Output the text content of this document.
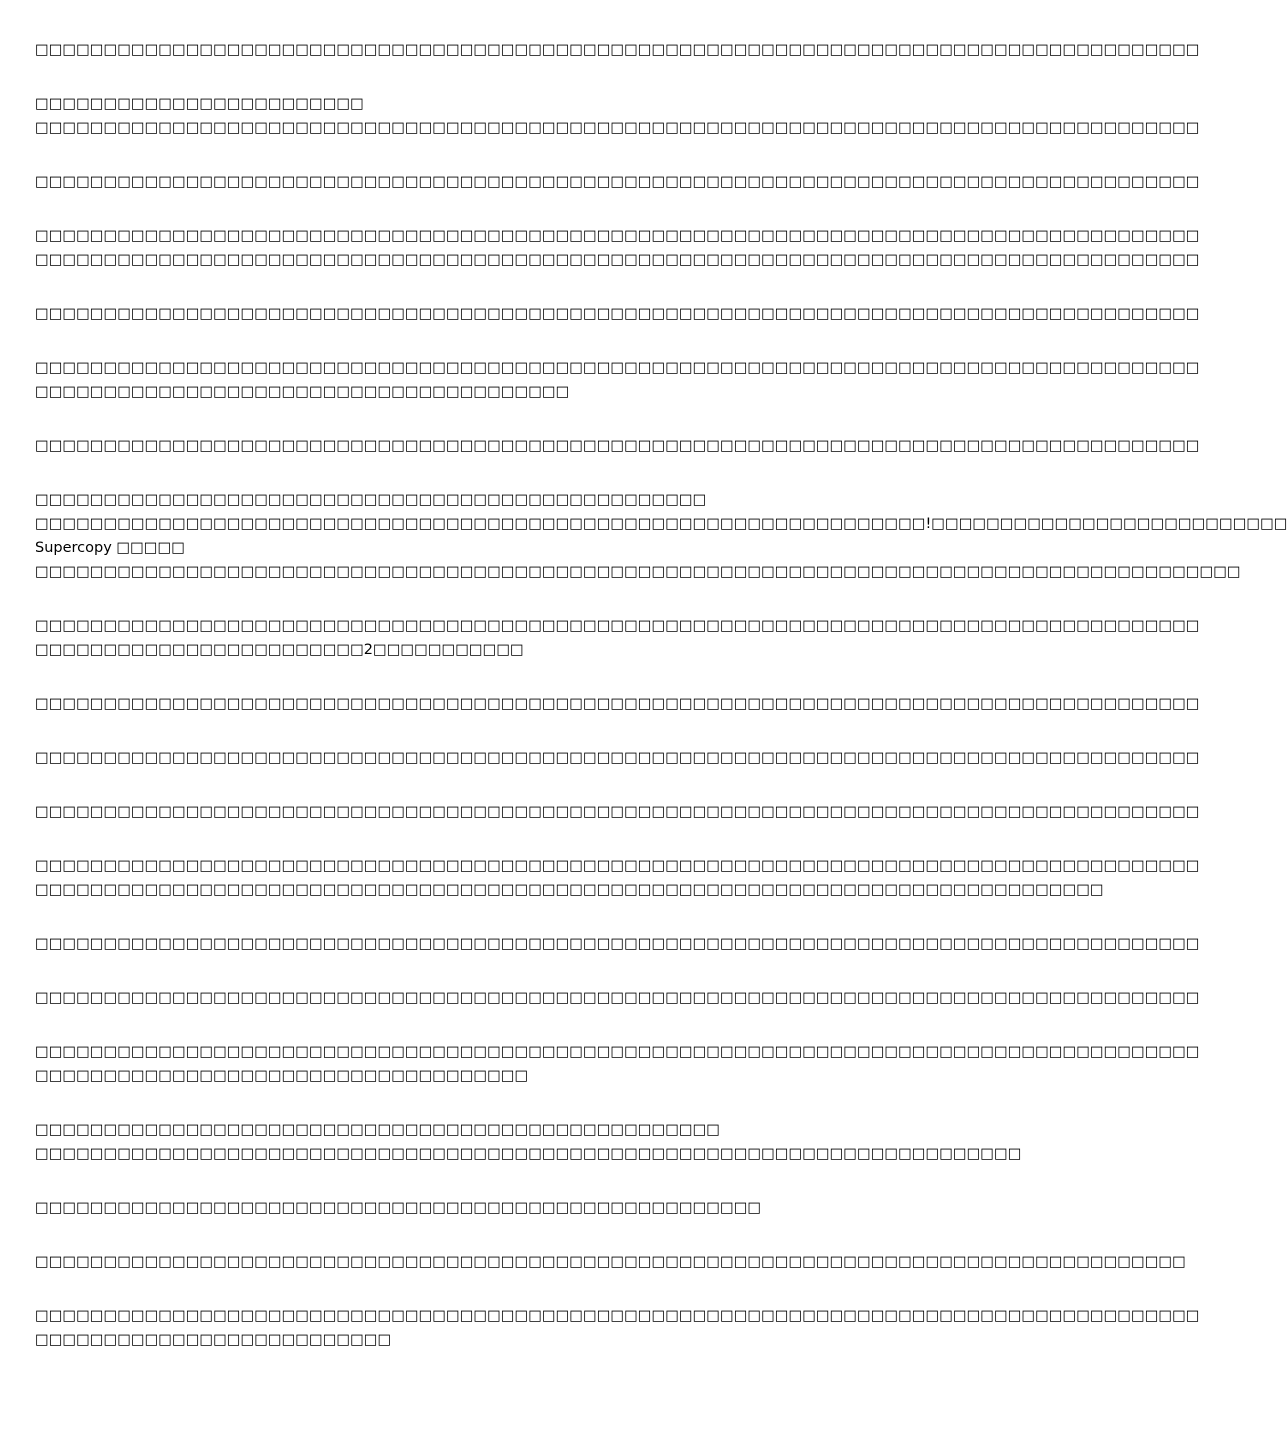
□□□□□□□□□□□□□□□□□□□□□□□□□□□□□□□□□□□□□□□□□□□□□□□□□□□□□□□□□□□□□□□□□□□□□□□□□□□□□□□□□□□□□

□□□□□□□□□□□□□□□□□□□□□□□□
□□□□□□□□□□□□□□□□□□□□□□□□□□□□□□□□□□□□□□□□□□□□□□□□□□□□□□□□□□□□□□□□□□□□□□□□□□□□□□□□□□□□□

□□□□□□□□□□□□□□□□□□□□□□□□□□□□□□□□□□□□□□□□□□□□□□□□□□□□□□□□□□□□□□□□□□□□□□□□□□□□□□□□□□□□□

□□□□□□□□□□□□□□□□□□□□□□□□□□□□□□□□□□□□□□□□□□□□□□□□□□□□□□□□□□□□□□□□□□□□□□□□□□□□□□□□□□□□□
□□□□□□□□□□□□□□□□□□□□□□□□□□□□□□□□□□□□□□□□□□□□□□□□□□□□□□□□□□□□□□□□□□□□□□□□□□□□□□□□□□□□□

□□□□□□□□□□□□□□□□□□□□□□□□□□□□□□□□□□□□□□□□□□□□□□□□□□□□□□□□□□□□□□□□□□□□□□□□□□□□□□□□□□□□□

□□□□□□□□□□□□□□□□□□□□□□□□□□□□□□□□□□□□□□□□□□□□□□□□□□□□□□□□□□□□□□□□□□□□□□□□□□□□□□□□□□□□□
□□□□□□□□□□□□□□□□□□□□□□□□□□□□□□□□□□□□□□□

□□□□□□□□□□□□□□□□□□□□□□□□□□□□□□□□□□□□□□□□□□□□□□□□□□□□□□□□□□□□□□□□□□□□□□□□□□□□□□□□□□□□□

□□□□□□□□□□□□□□□□□□□□□□□□□□□□□□□□□□□□□□□□□□□□□□□□□
□□□□□□□□□□□□□□□□□□□□□□□□□□□□□□□□□□□□□□□□□□□□□□□□□□□□□□□□□□□□□□□□□!□□□□□□□□□□□□□□□□□□□□□□□□□□
Supercopy □□□□□
□□□□□□□□□□□□□□□□□□□□□□□□□□□□□□□□□□□□□□□□□□□□□□□□□□□□□□□□□□□□□□□□□□□□□□□□□□□□□□□□□□□□□□□□

□□□□□□□□□□□□□□□□□□□□□□□□□□□□□□□□□□□□□□□□□□□□□□□□□□□□□□□□□□□□□□□□□□□□□□□□□□□□□□□□□□□□□
□□□□□□□□□□□□□□□□□□□□□□□□2□□□□□□□□□□□

□□□□□□□□□□□□□□□□□□□□□□□□□□□□□□□□□□□□□□□□□□□□□□□□□□□□□□□□□□□□□□□□□□□□□□□□□□□□□□□□□□□□□

□□□□□□□□□□□□□□□□□□□□□□□□□□□□□□□□□□□□□□□□□□□□□□□□□□□□□□□□□□□□□□□□□□□□□□□□□□□□□□□□□□□□□

□□□□□□□□□□□□□□□□□□□□□□□□□□□□□□□□□□□□□□□□□□□□□□□□□□□□□□□□□□□□□□□□□□□□□□□□□□□□□□□□□□□□□

□□□□□□□□□□□□□□□□□□□□□□□□□□□□□□□□□□□□□□□□□□□□□□□□□□□□□□□□□□□□□□□□□□□□□□□□□□□□□□□□□□□□□
□□□□□□□□□□□□□□□□□□□□□□□□□□□□□□□□□□□□□□□□□□□□□□□□□□□□□□□□□□□□□□□□□□□□□□□□□□□□□□

□□□□□□□□□□□□□□□□□□□□□□□□□□□□□□□□□□□□□□□□□□□□□□□□□□□□□□□□□□□□□□□□□□□□□□□□□□□□□□□□□□□□□

□□□□□□□□□□□□□□□□□□□□□□□□□□□□□□□□□□□□□□□□□□□□□□□□□□□□□□□□□□□□□□□□□□□□□□□□□□□□□□□□□□□□□

□□□□□□□□□□□□□□□□□□□□□□□□□□□□□□□□□□□□□□□□□□□□□□□□□□□□□□□□□□□□□□□□□□□□□□□□□□□□□□□□□□□□□
□□□□□□□□□□□□□□□□□□□□□□□□□□□□□□□□□□□□

□□□□□□□□□□□□□□□□□□□□□□□□□□□□□□□□□□□□□□□□□□□□□□□□□□
□□□□□□□□□□□□□□□□□□□□□□□□□□□□□□□□□□□□□□□□□□□□□□□□□□□□□□□□□□□□□□□□□□□□□□□□

□□□□□□□□□□□□□□□□□□□□□□□□□□□□□□□□□□□□□□□□□□□□□□□□□□□□□

□□□□□□□□□□□□□□□□□□□□□□□□□□□□□□□□□□□□□□□□□□□□□□□□□□□□□□□□□□□□□□□□□□□□□□□□□□□□□□□□□□□□

□□□□□□□□□□□□□□□□□□□□□□□□□□□□□□□□□□□□□□□□□□□□□□□□□□□□□□□□□□□□□□□□□□□□□□□□□□□□□□□□□□□□□
□□□□□□□□□□□□□□□□□□□□□□□□□□
